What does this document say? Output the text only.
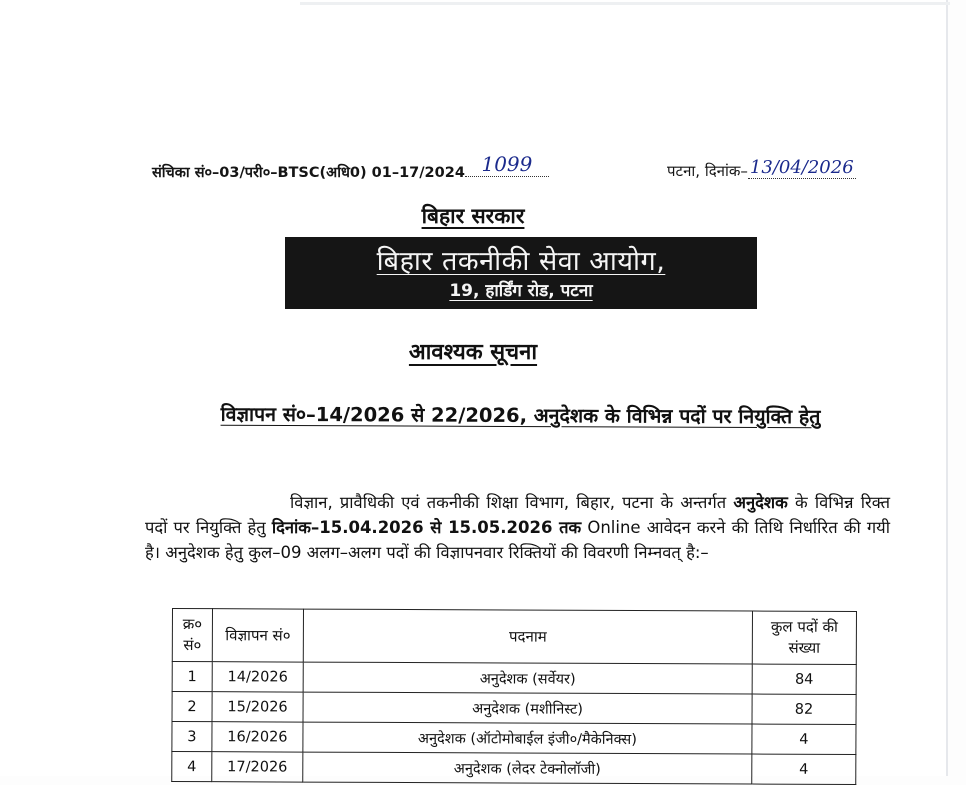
संचिका सं०–03/परी०–BTSC(अधि0) 01–17/2024 1099	पटना, दिनांक– 13/04/2026
बिहार सरकार
बिहार तकनीकी सेवा आयोग,
19, हार्डिंग रोड, पटना
आवश्यक सूचना
विज्ञापन सं०–14/2026 से 22/2026, अनुदेशक के विभिन्न पदों पर नियुक्ति हेतु
विज्ञान, प्रावैधिकी एवं तकनीकी शिक्षा विभाग, बिहार, पटना के अन्तर्गत अनुदेशक के विभिन्न रिक्त पदों पर नियुक्ति हेतु दिनांक–15.04.2026 से 15.05.2026 तक Online आवेदन करने की तिथि निर्धारित की गयी है। अनुदेशक हेतु कुल–09 अलग–अलग पदों की विज्ञापनवार रिक्तियों की विवरणी निम्नवत् है:–
क्र० सं०	विज्ञापन सं०	पदनाम	कुल पदों की संख्या
1	14/2026	अनुदेशक (सर्वेयर)	84
2	15/2026	अनुदेशक (मशीनिस्ट)	82
3	16/2026	अनुदेशक (ऑटोमोबाईल इंजी०/मैकेनिक्स)	4
4	17/2026	अनुदेशक (लेदर टेक्नोलॉजी)	4
